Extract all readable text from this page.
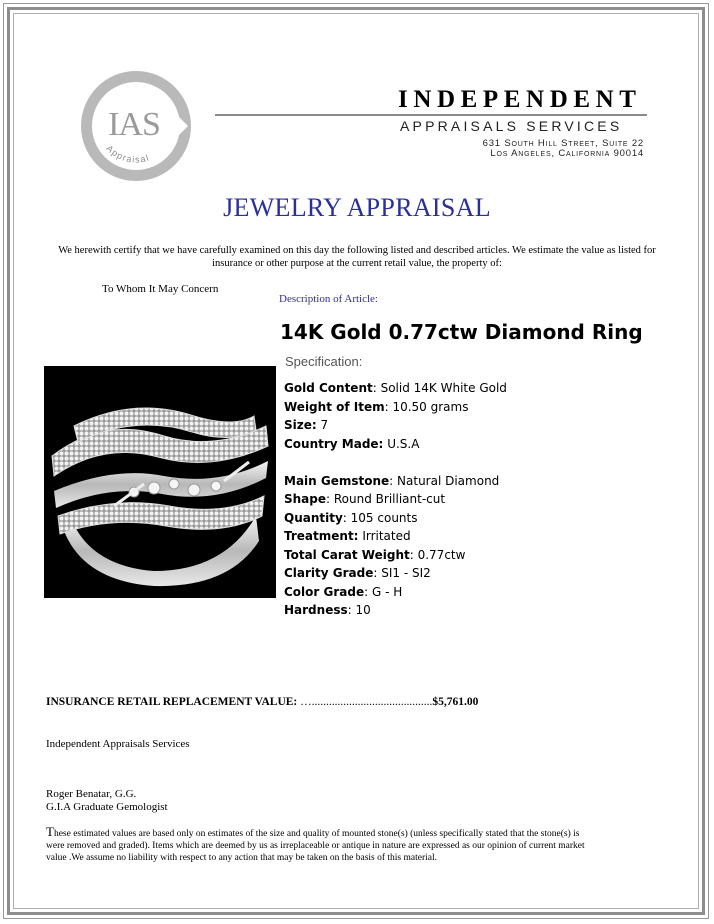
IAS
Appraisal
INDEPENDENT
APPRAISALS SERVICES
631 South Hill Street, Suite 22
Los Angeles, California 90014
JEWELRY APPRAISAL
We herewith certify that we have carefully examined on this day the following listed and described articles. We estimate the value as listed for insurance or other purpose at the current retail value, the property of:
To Whom It May Concern
Description of Article:
14K Gold 0.77ctw Diamond Ring
Specification:
Gold Content: Solid 14K White Gold
Weight of Item: 10.50 grams
Size: 7
Country Made: U.S.A
Main Gemstone: Natural Diamond
Shape: Round Brilliant-cut
Quantity: 105 counts
Treatment: Irritated
Total Carat Weight: 0.77ctw
Clarity Grade: SI1 - SI2
Color Grade: G - H
Hardness: 10
INSURANCE RETAIL REPLACEMENT VALUE: …..........................................$5,761.00
Independent Appraisals Services
Roger Benatar, G.G.
G.I.A Graduate Gemologist
These estimated values are based only on estimates of the size and quality of mounted stone(s) (unless specifically stated that the stone(s) is were removed and graded). Items which are deemed by us as irreplaceable or antique in nature are expressed as our opinion of current market value .We assume no liability with respect to any action that may be taken on the basis of this material.
